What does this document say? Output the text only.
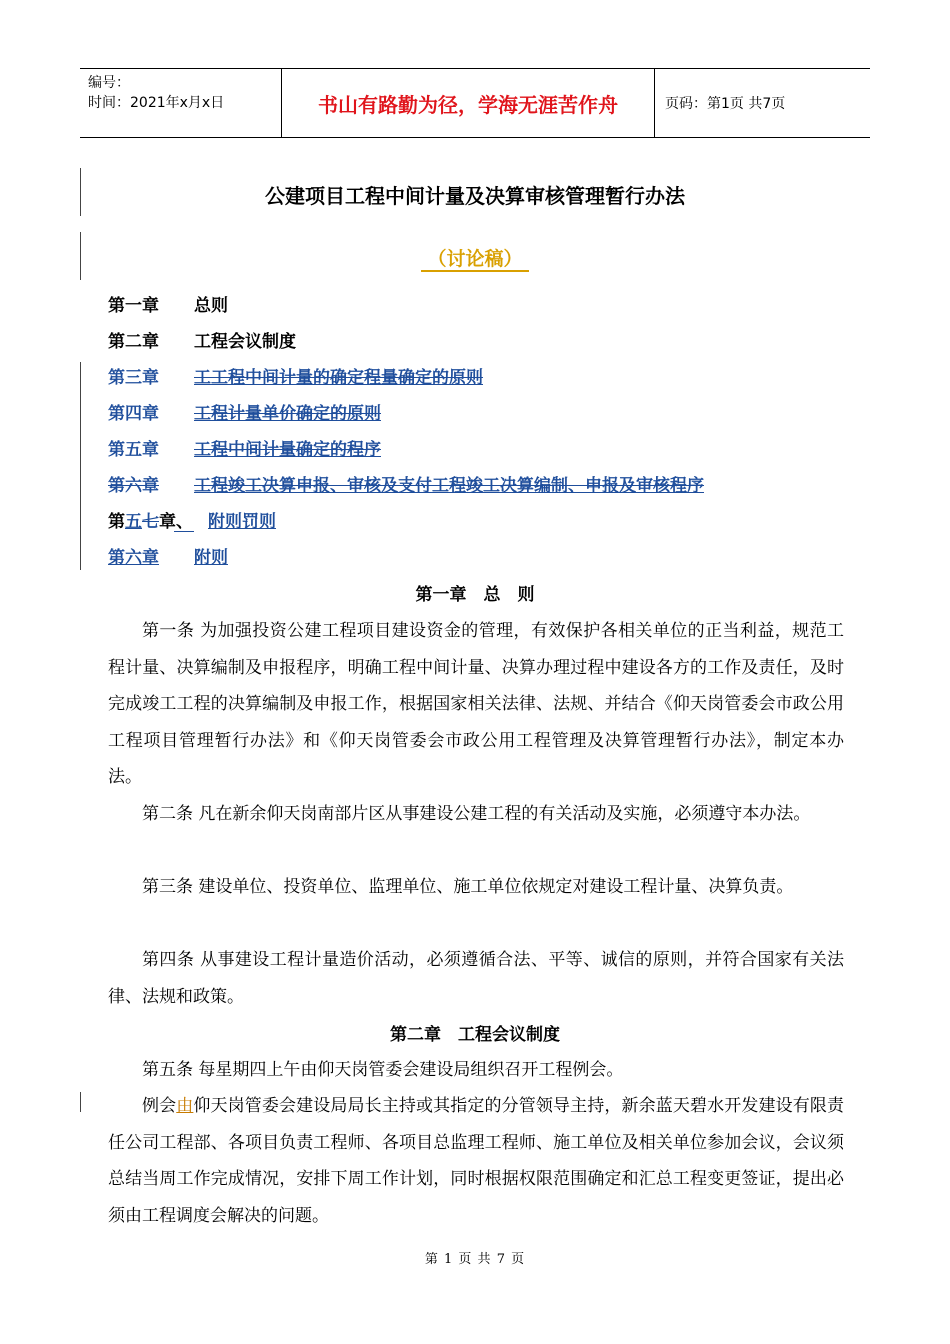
编号：
时间：2021年x月x日	书山有路勤为径，学海无涯苦作舟	页码：第1页 共7页
公建项目工程中间计量及决算审核管理暂行办法
（讨论稿）
第一章 总则
第二章 工程会议制度
第三章 工工程中间计量的确定程量确定的原则
第四章 工程计量单价确定的原则
第五章 工程中间计量确定的程序
第六章 工程竣工决算申报、审核及支付工程竣工决算编制、申报及审核程序
第五七章、 附则罚则
第六章 附则
第一章　总　则
第一条 为加强投资公建工程项目建设资金的管理，有效保护各相关单位的正当利益，规范工程计量、决算编制及申报程序，明确工程中间计量、决算办理过程中建设各方的工作及责任，及时完成竣工工程的决算编制及申报工作，根据国家相关法律、法规、并结合《仰天岗管委会市政公用工程项目管理暂行办法》和《仰天岗管委会市政公用工程管理及决算管理暂行办法》，制定本办法。
第二条 凡在新余仰天岗南部片区从事建设公建工程的有关活动及实施，必须遵守本办法。
第三条 建设单位、投资单位、监理单位、施工单位依规定对建设工程计量、决算负责。
第四条 从事建设工程计量造价活动，必须遵循合法、平等、诚信的原则，并符合国家有关法律、法规和政策。
第二章　工程会议制度
第五条 每星期四上午由仰天岗管委会建设局组织召开工程例会。
例会由仰天岗管委会建设局局长主持或其指定的分管领导主持，新余蓝天碧水开发建设有限责任公司工程部、各项目负责工程师、各项目总监理工程师、施工单位及相关单位参加会议，会议须总结当周工作完成情况，安排下周工作计划，同时根据权限范围确定和汇总工程变更签证，提出必须由工程调度会解决的问题。
第 1 页 共 7 页
